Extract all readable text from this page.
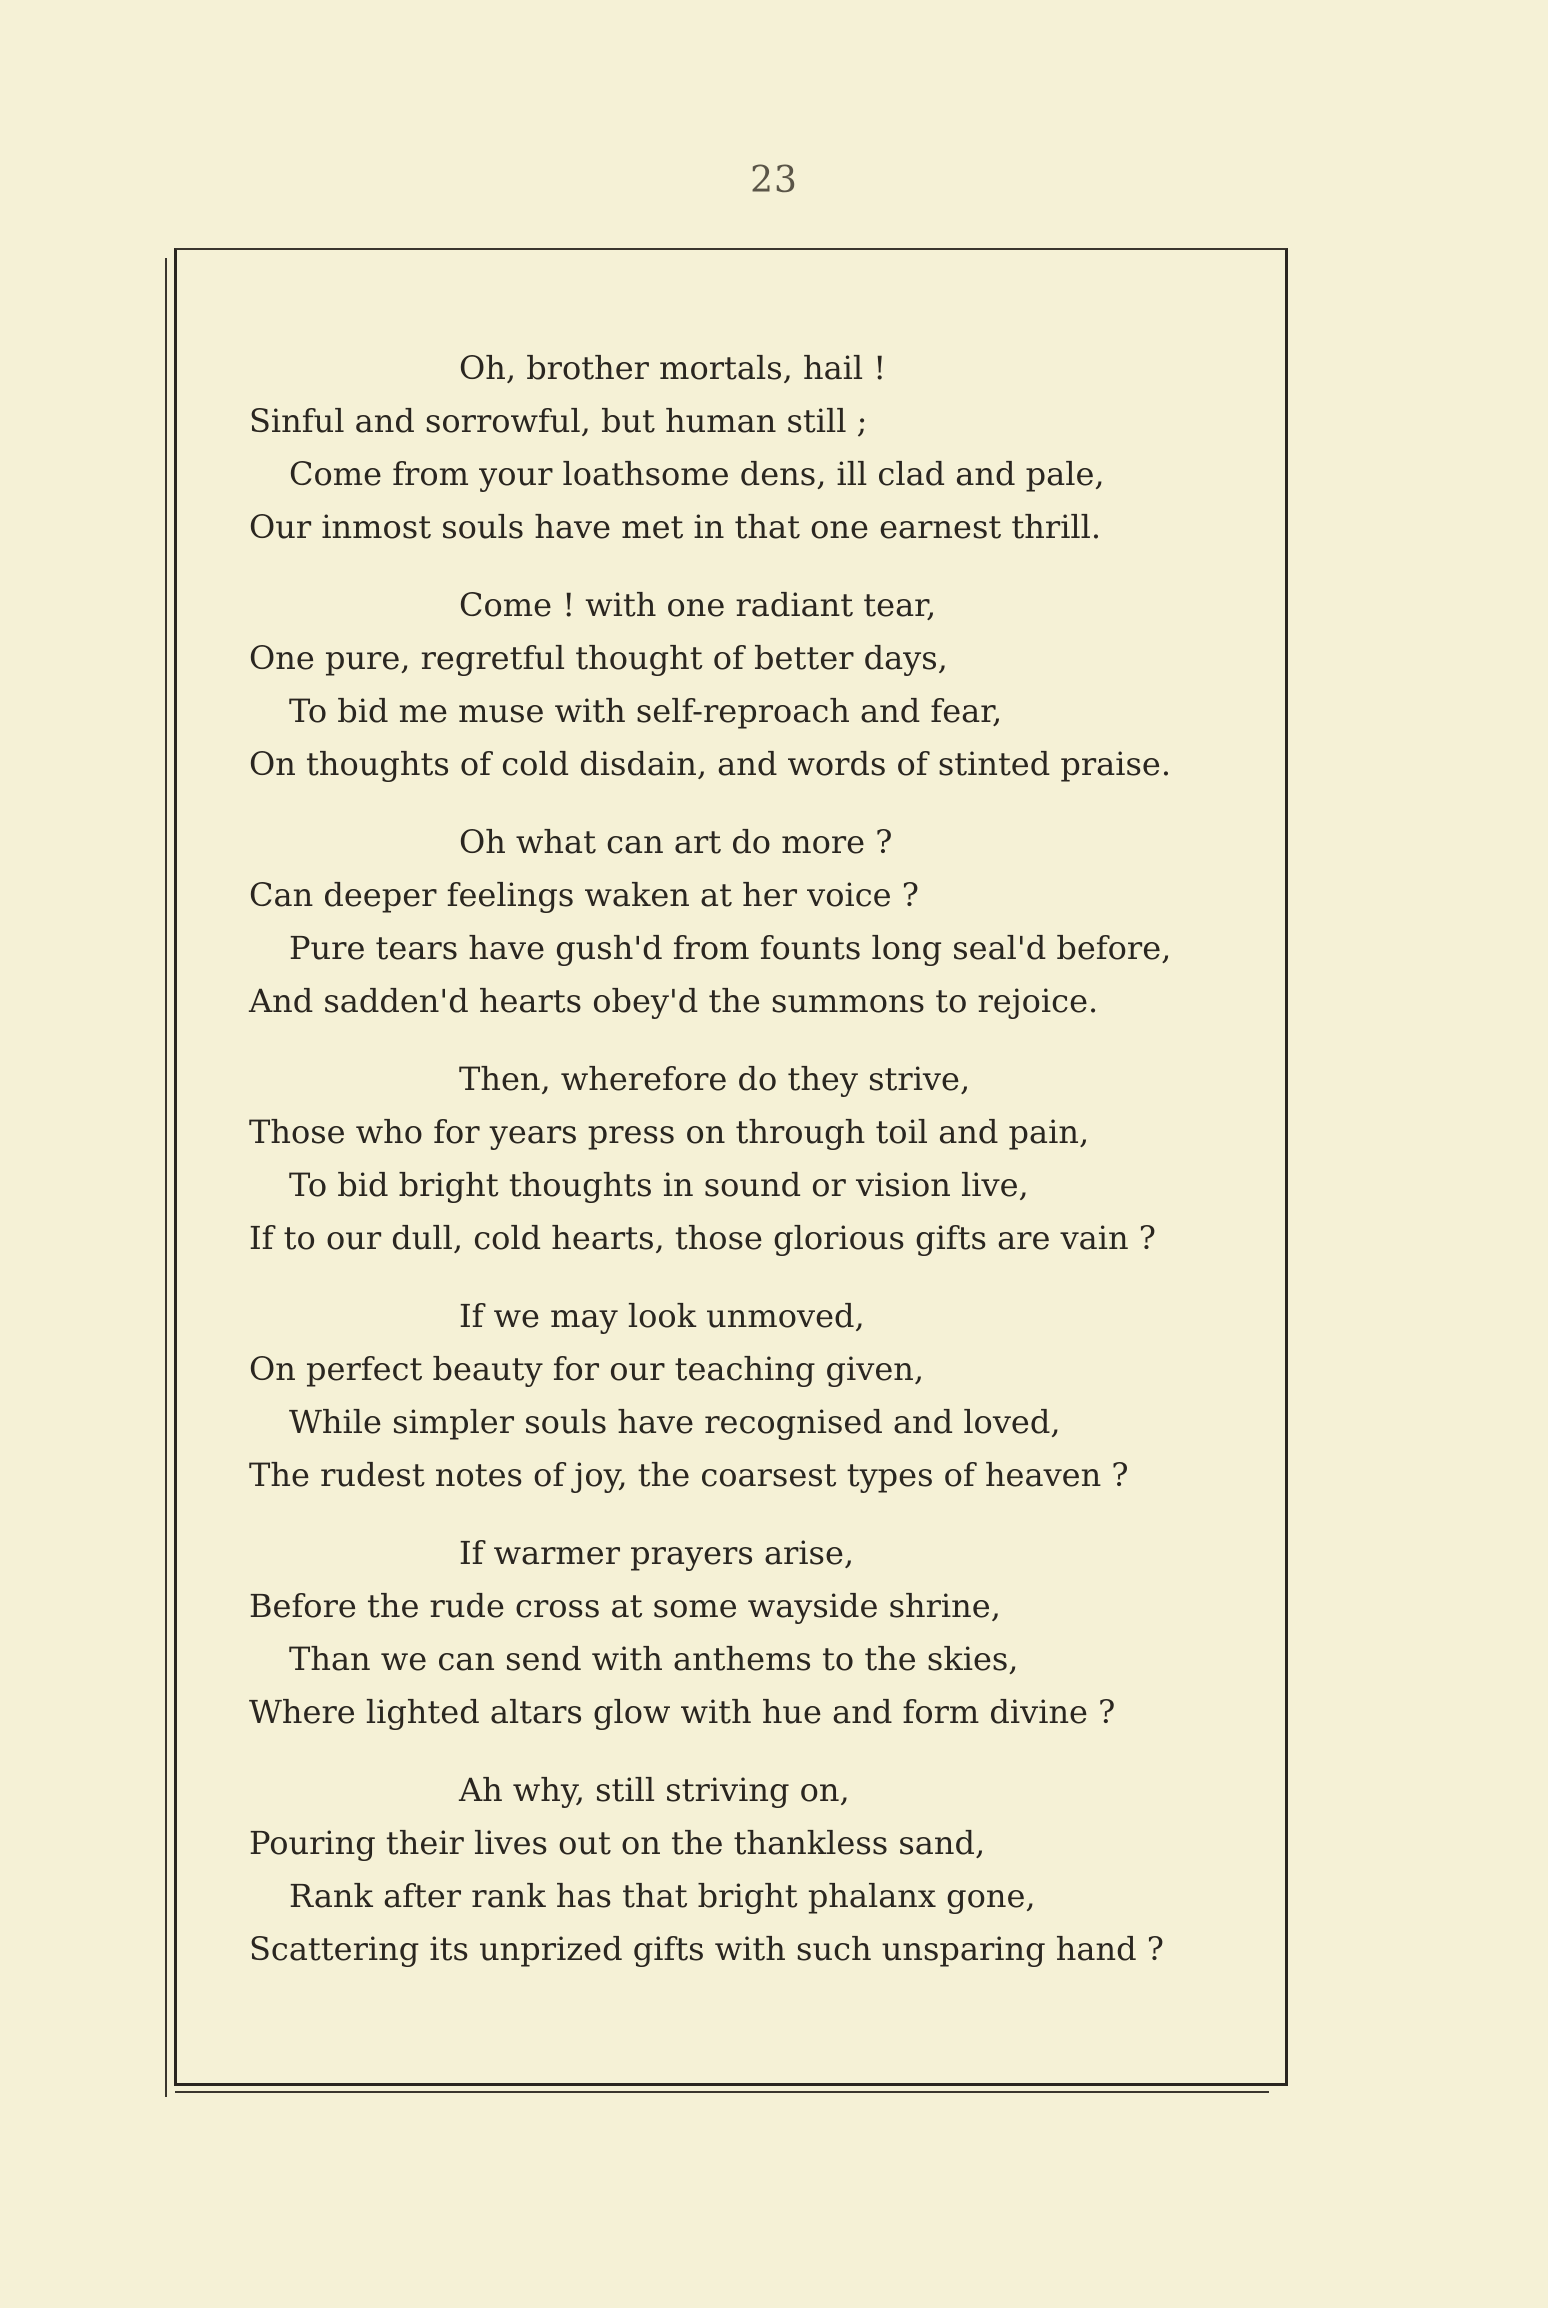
23
Oh, brother mortals, hail !
Sinful and sorrowful, but human still ;
Come from your loathsome dens, ill clad and pale,
Our inmost souls have met in that one earnest thrill.
Come ! with one radiant tear,
One pure, regretful thought of better days,
To bid me muse with self-reproach and fear,
On thoughts of cold disdain, and words of stinted praise.
Oh what can art do more ?
Can deeper feelings waken at her voice ?
Pure tears have gush'd from founts long seal'd before,
And sadden'd hearts obey'd the summons to rejoice.
Then, wherefore do they strive,
Those who for years press on through toil and pain,
To bid bright thoughts in sound or vision live,
If to our dull, cold hearts, those glorious gifts are vain ?
If we may look unmoved,
On perfect beauty for our teaching given,
While simpler souls have recognised and loved,
The rudest notes of joy, the coarsest types of heaven ?
If warmer prayers arise,
Before the rude cross at some wayside shrine,
Than we can send with anthems to the skies,
Where lighted altars glow with hue and form divine ?
Ah why, still striving on,
Pouring their lives out on the thankless sand,
Rank after rank has that bright phalanx gone,
Scattering its unprized gifts with such unsparing hand ?
